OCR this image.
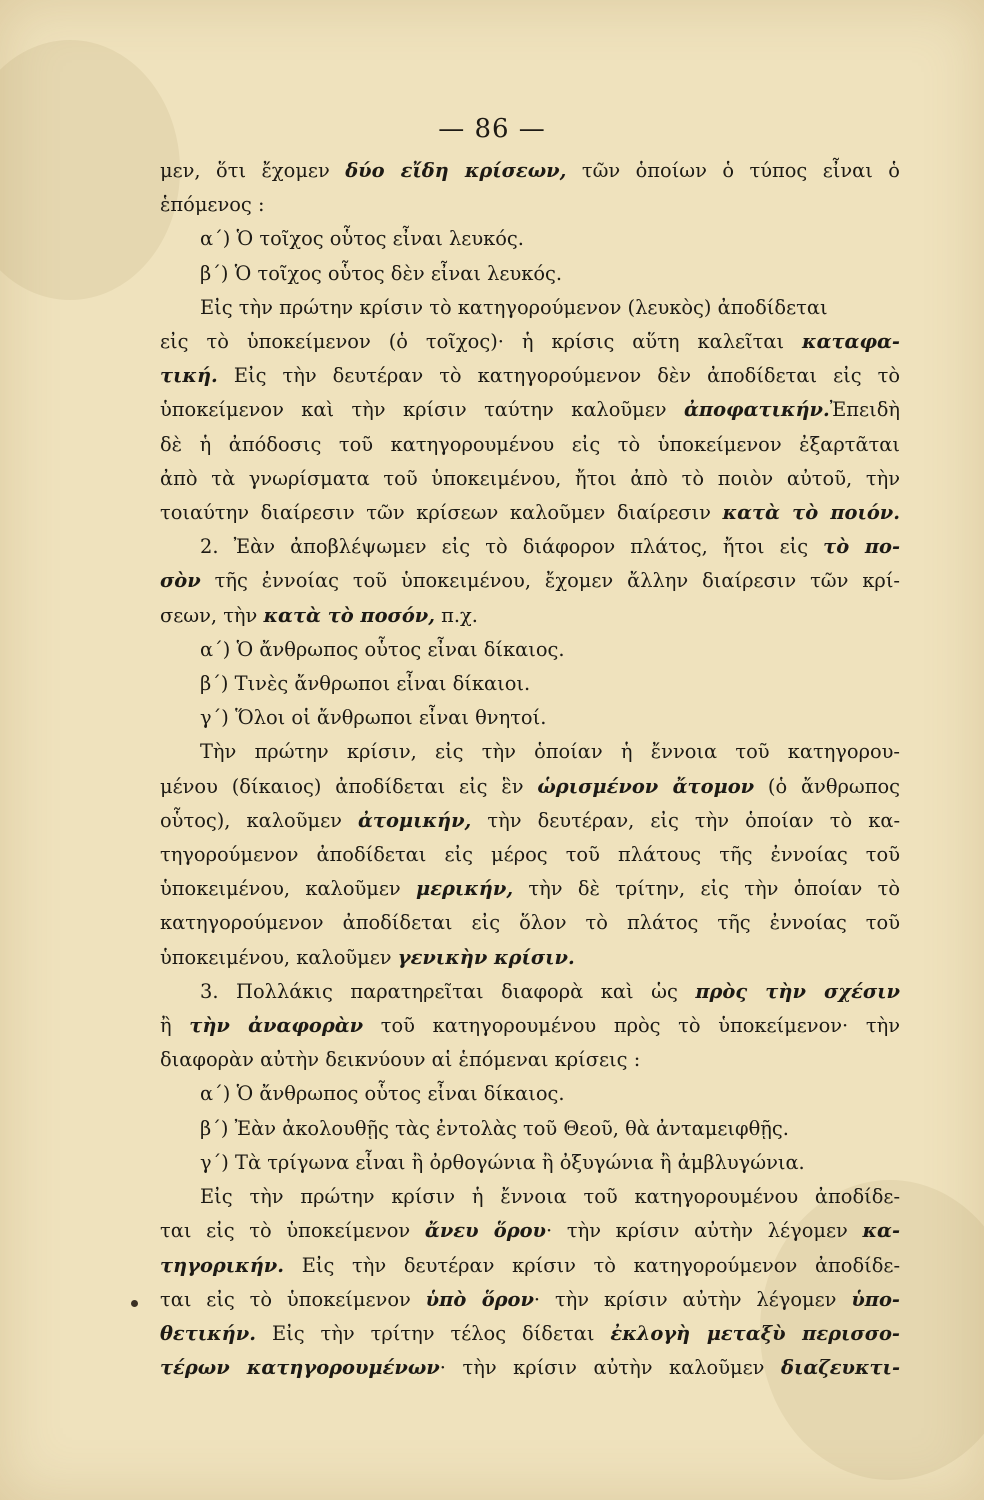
— 86 —
μεν, ὅτι ἔχομεν δύο εἴδη κρίσεων, τῶν ὁποίων ὁ τύπος εἶναι ὁ
ἑπόμενος :
α΄) Ὁ τοῖχος οὗτος εἶναι λευκός.
β΄) Ὁ τοῖχος οὗτος δὲν εἶναι λευκός.
Εἰς τὴν πρώτην κρίσιν τὸ κατηγορούμενον (λευκὸς) ἀποδίδεται
εἰς τὸ ὑποκείμενον (ὁ τοῖχος)· ἡ κρίσις αὕτη καλεῖται καταφα-
τική. Εἰς τὴν δευτέραν τὸ κατηγορούμενον δὲν ἀποδίδεται εἰς τὸ
ὑποκείμενον καὶ τὴν κρίσιν ταύτην καλοῦμεν ἀποφατικήν.Ἐπειδὴ
δὲ ἡ ἀπόδοσις τοῦ κατηγορουμένου εἰς τὸ ὑποκείμενον ἐξαρτᾶται
ἀπὸ τὰ γνωρίσματα τοῦ ὑποκειμένου, ἤτοι ἀπὸ τὸ ποιὸν αὐτοῦ, τὴν
τοιαύτην διαίρεσιν τῶν κρίσεων καλοῦμεν διαίρεσιν κατὰ τὸ ποιόν.
2. Ἐὰν ἀποβλέψωμεν εἰς τὸ διάφορον πλάτος, ἤτοι εἰς τὸ πο-
σὸν τῆς ἐννοίας τοῦ ὑποκειμένου, ἔχομεν ἄλλην διαίρεσιν τῶν κρί-
σεων, τὴν κατὰ τὸ ποσόν, π.χ.
α΄) Ὁ ἄνθρωπος οὗτος εἶναι δίκαιος.
β΄) Τινὲς ἄνθρωποι εἶναι δίκαιοι.
γ΄) Ὅλοι οἱ ἄνθρωποι εἶναι θνητοί.
Τὴν πρώτην κρίσιν, εἰς τὴν ὁποίαν ἡ ἔννοια τοῦ κατηγορου-
μένου (δίκαιος) ἀποδίδεται εἰς ἓν ὡρισμένον ἄτομον (ὁ ἄνθρωπος
οὗτος), καλοῦμεν ἀτομικήν, τὴν δευτέραν, εἰς τὴν ὁποίαν τὸ κα-
τηγορούμενον ἀποδίδεται εἰς μέρος τοῦ πλάτους τῆς ἐννοίας τοῦ
ὑποκειμένου, καλοῦμεν μερικήν, τὴν δὲ τρίτην, εἰς τὴν ὁποίαν τὸ
κατηγορούμενον ἀποδίδεται εἰς ὅλον τὸ πλάτος τῆς ἐννοίας τοῦ
ὑποκειμένου, καλοῦμεν γενικὴν κρίσιν.
3. Πολλάκις παρατηρεῖται διαφορὰ καὶ ὡς πρὸς τὴν σχέσιν
ἢ τὴν ἀναφορὰν τοῦ κατηγορουμένου πρὸς τὸ ὑποκείμενον· τὴν
διαφορὰν αὐτὴν δεικνύουν αἱ ἑπόμεναι κρίσεις :
α΄) Ὁ ἄνθρωπος οὗτος εἶναι δίκαιος.
β΄) Ἐὰν ἀκολουθῇς τὰς ἐντολὰς τοῦ Θεοῦ, θὰ ἀνταμειφθῇς.
γ΄) Τὰ τρίγωνα εἶναι ἢ ὀρθογώνια ἢ ὀξυγώνια ἢ ἀμβλυγώνια.
Εἰς τὴν πρώτην κρίσιν ἡ ἔννοια τοῦ κατηγορουμένου ἀποδίδε-
ται εἰς τὸ ὑποκείμενον ἄνευ ὅρου· τὴν κρίσιν αὐτὴν λέγομεν κα-
τηγορικήν. Εἰς τὴν δευτέραν κρίσιν τὸ κατηγορούμενον ἀποδίδε-
ται εἰς τὸ ὑποκείμενον ὑπὸ ὅρον· τὴν κρίσιν αὐτὴν λέγομεν ὑπο-
θετικήν. Εἰς τὴν τρίτην τέλος δίδεται ἐκλογὴ μεταξὺ περισσο-
τέρων κατηγορουμένων· τὴν κρίσιν αὐτὴν καλοῦμεν διαζευκτι-
